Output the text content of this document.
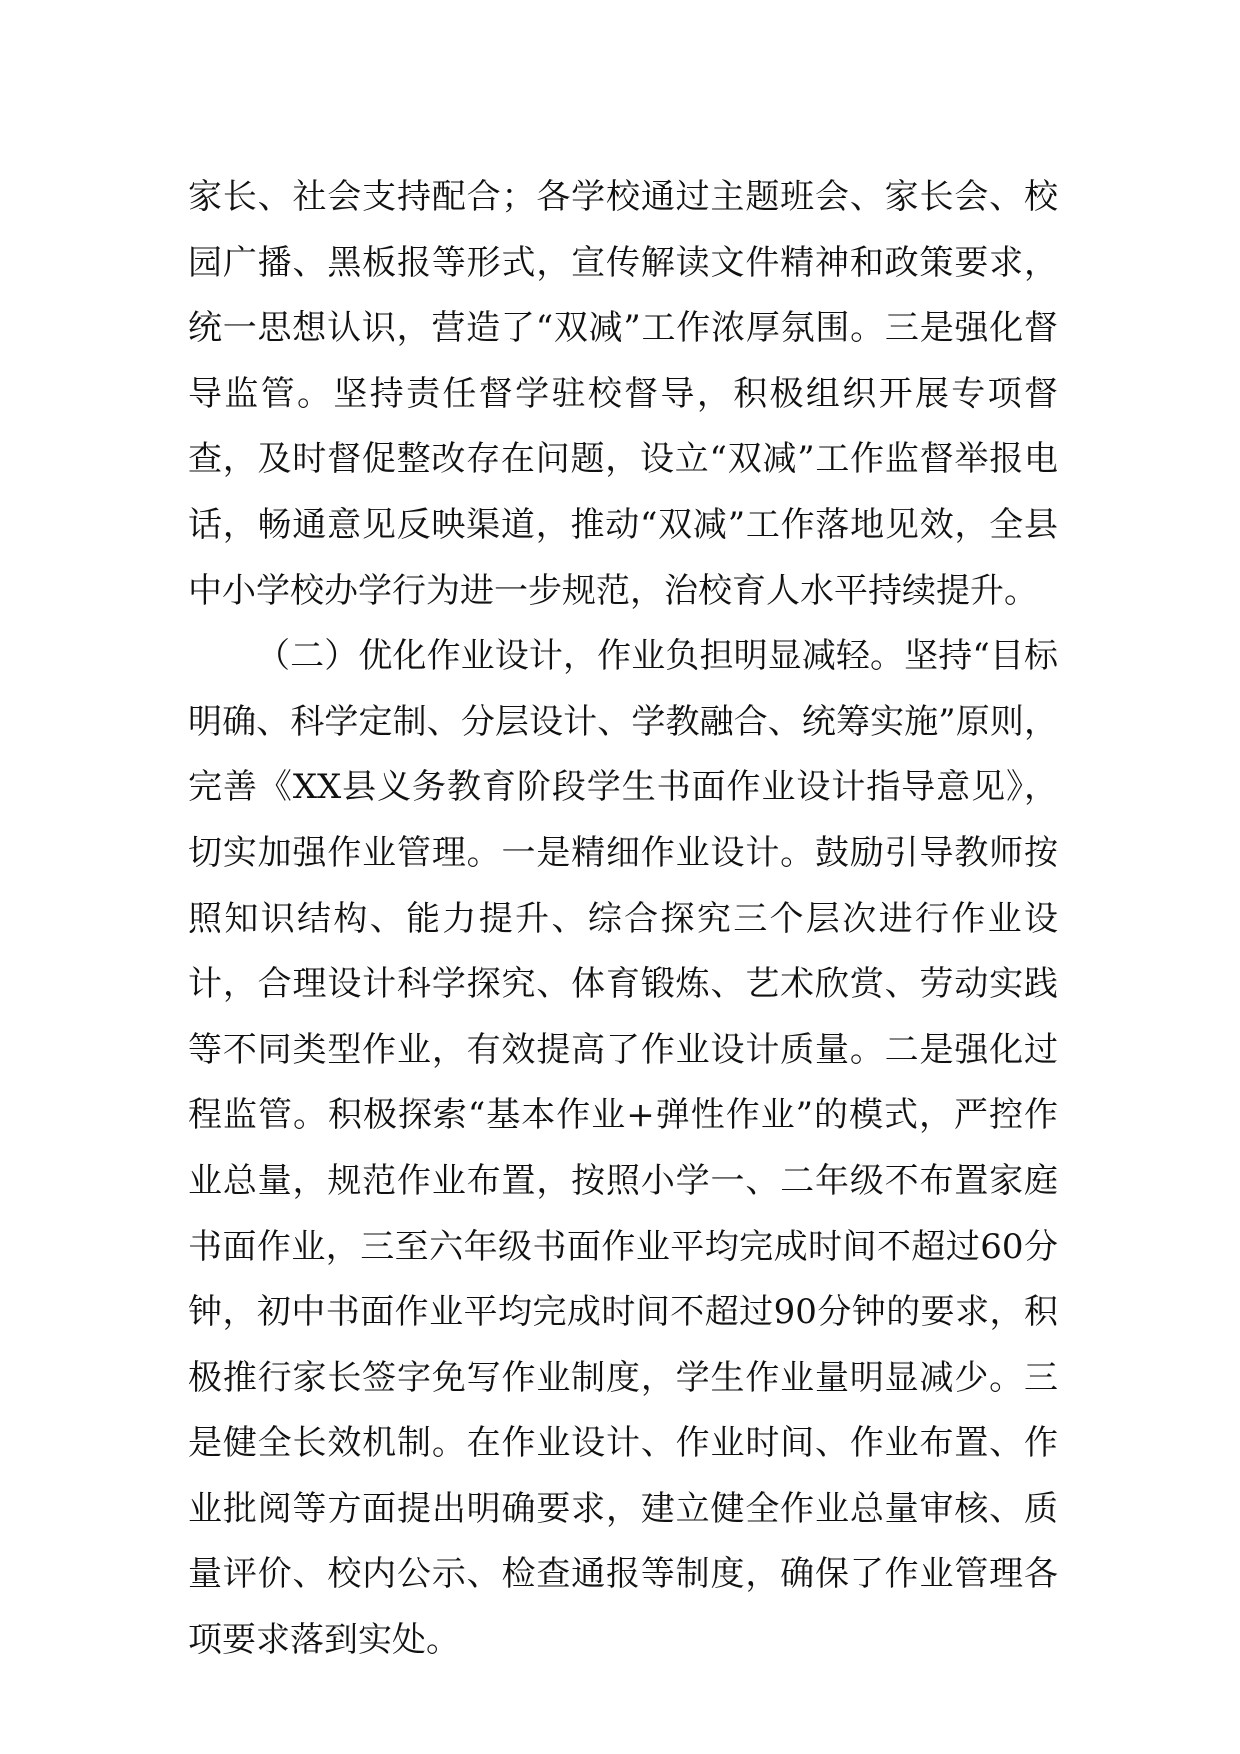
家长、社会支持配合；各学校通过主题班会、家长会、校园广播、黑板报等形式，宣传解读文件精神和政策要求，统一思想认识，营造了“双减”工作浓厚氛围。三是强化督导监管。坚持责任督学驻校督导，积极组织开展专项督查，及时督促整改存在问题，设立“双减”工作监督举报电话，畅通意见反映渠道，推动“双减”工作落地见效，全县中小学校办学行为进一步规范，治校育人水平持续提升。

（二）优化作业设计，作业负担明显减轻。坚持“目标明确、科学定制、分层设计、学教融合、统筹实施”原则，完善《XX县义务教育阶段学生书面作业设计指导意见》，切实加强作业管理。一是精细作业设计。鼓励引导教师按照知识结构、能力提升、综合探究三个层次进行作业设计，合理设计科学探究、体育锻炼、艺术欣赏、劳动实践等不同类型作业，有效提高了作业设计质量。二是强化过程监管。积极探索“基本作业+弹性作业”的模式，严控作业总量，规范作业布置，按照小学一、二年级不布置家庭书面作业，三至六年级书面作业平均完成时间不超过60分钟，初中书面作业平均完成时间不超过90分钟的要求，积极推行家长签字免写作业制度，学生作业量明显减少。三是健全长效机制。在作业设计、作业时间、作业布置、作业批阅等方面提出明确要求，建立健全作业总量审核、质量评价、校内公示、检查通报等制度，确保了作业管理各项要求落到实处。
